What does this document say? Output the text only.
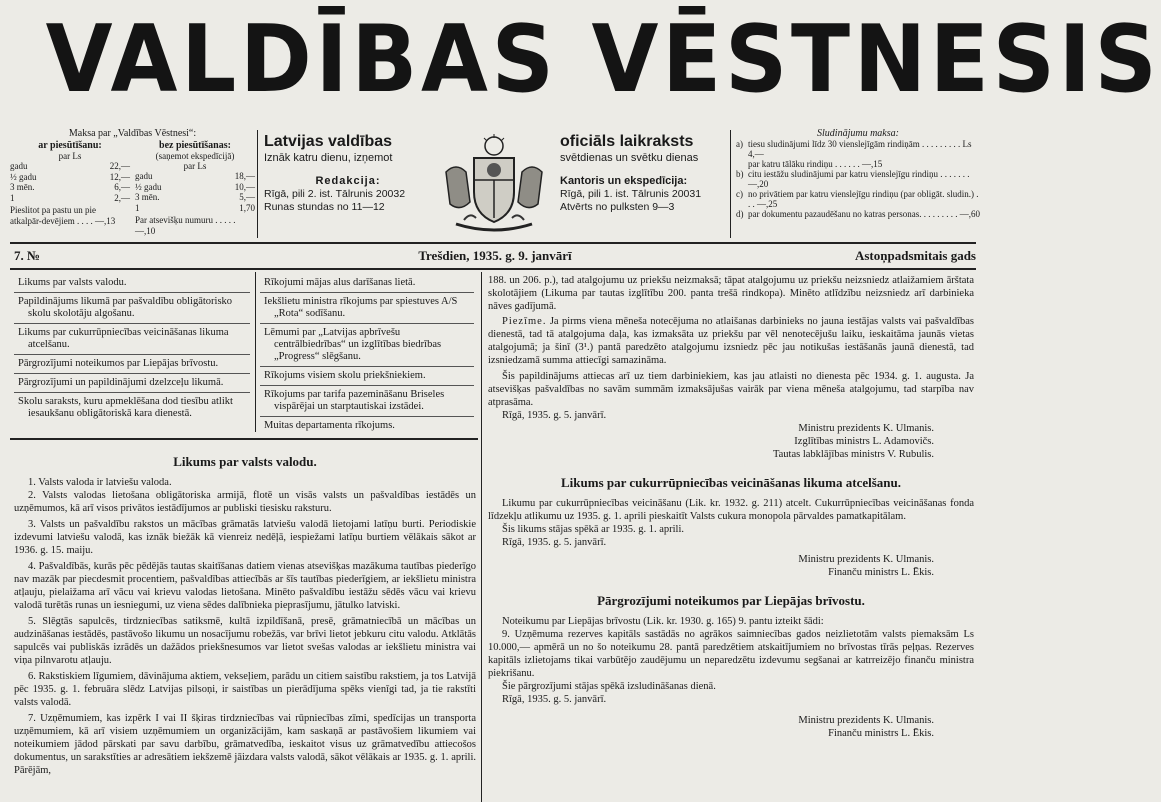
VALDĪBAS VĒSTNESIS
Maksa par „Valdības Vēstnesi“:
ar piesūtīšanu:
par Ls
gadu	22,—
½ gadu	12,—
3 mēn.	6,—
1	2,—
Pieslitot pa pastu un pie atkalpār-devējiem . . . . —,13
bez piesūtīšanas:
(saņemot ekspedīcijā)
par Ls
gadu	18,—
½ gadu	10,—
3 mēn.	5,—
1	1,70
Par atsevišķu numuru . . . . . —,10
Latvijas valdības
Iznāk katru dienu, izņemot
Redakcija:
Rīgā, pili 2. ist. Tālrunis 20032
Runas stundas no 11—12
oficiāls laikraksts
svētdienas un svētku dienas
Kantoris un ekspedīcija:
Rīgā, pili 1. ist. Tālrunis 20031
Atvērts no pulksten 9—3
Sludinājumu maksa:
a) tiesu sludinājumi līdz 30 vienslejīgām rindiņām . . . . . . . . . Ls 4,—
par katru tālāku rindiņu . . . . . . —,15
b) citu iestāžu sludinājumi par katru vienslejīgu rindiņu . . . . . . . —,20
c) no privātiem par katru vienslejīgu rindiņu (par obligāt. sludin.) . . . —,25
d) par dokumentu pazaudēšanu no katras personas. . . . . . . . . —,60
7. №	Trešdien, 1935. g. 9. janvārī	Astoņpadsmitais gads
Likums par valsts valodu.
Papildinājums likumā par pašvaldību obligātorisko skolu skolotāju algošanu.
Likums par cukurrūpniecības veicināšanas likuma atcelšanu.
Pārgrozījumi noteikumos par Liepājas brīvostu.
Pārgrozījumi un papildinājumi dzelzceļu likumā.
Skolu saraksts, kuru apmeklēšana dod tiesību atlikt iesaukšanu obligātoriskā kara dienestā.
Rīkojumi mājas alus darīšanas lietā.
Iekšlietu ministra rīkojums par spiestuves A/S „Rota“ sodīšanu.
Lēmumi par „Latvijas apbrīvešu centrālbiedrības“ un izglītības biedrības „Progress“ slēgšanu.
Rīkojums visiem skolu priekšniekiem.
Rīkojums par tarifa pazemināšanu Briseles vispārējai un starptautiskai izstādei.
Muitas departamenta rīkojums.
Likums par valsts valodu.

1. Valsts valoda ir latviešu valoda.

2. Valsts valodas lietošana obligātoriska armijā, flotē un visās valsts un pašvaldības iestādēs un uzņēmumos, kā arī visos privātos iestādījumos ar publiski tiesisku raksturu.

3. Valsts un pašvaldību rakstos un mācības grāmatās latviešu valodā lietojami latīņu burti. Periodiskie izdevumi latviešu valodā, kas iznāk biežāk kā vienreiz nedēļā, iespiežami latīņu burtiem vēlākais sākot ar 1936. g. 15. maiju.

4. Pašvaldībās, kurās pēc pēdējās tautas skaitīšanas datiem vienas atsevišķas mazākuma tautības piederīgo nav mazāk par piecdesmit procentiem, pašvaldības attiecībās ar šīs tautības piederīgiem, ar iekšlietu ministra atļauju, pielaižama arī vācu vai krievu valodas lietošana. Minēto pašvaldību iestāžu sēdēs vācu vai krievu valodā turētās runas un iesniegumi, uz viena sēdes dalībnieka pieprasījumu, jātulko latviski.

5. Slēgtās sapulcēs, tirdzniecības satiksmē, kultā izpildīšanā, presē, grāmatniecībā un mācības un audzināšanas iestādēs, pastāvošo likumu un nosacījumu robežās, var brīvi lietot jebkuru citu valodu. Atklātās sapulcēs vai publiskās izrādēs un dažādos priekšnesumos var lietot svešas valodas ar iekšlietu ministra vai viņa pilnvarotu atļauju.

6. Rakstiskiem līgumiem, dāvinājuma aktiem, vekseļiem, parādu un citiem saistību rakstiem, ja tos Latvijā pēc 1935. g. 1. februāra slēdz Latvijas pilsoņi, ir saistības un pierādījuma spēks vienīgi tad, ja tie rakstīti valsts valodā.

7. Uzņēmumiem, kas izpērk I vai II šķiras tirdzniecības vai rūpniecības zīmi, spedīcijas un transporta uzņēmumiem, kā arī visiem uzņēmumiem un organizācijām, kam saskaņā ar pastāvošiem likumiem vai noteikumiem jādod pārskati par savu darbību, grāmatvedība, ieskaitot visus uz grāmatvedību attiecošos dokumentus, un sarakstīties ar adresātiem iekšzemē jāizdara valsts valodā, sākot vēlākais ar 1935. g. 1. aprili. Pārējām,

188. un 206. p.), tad atalgojumu uz priekšu neizmaksā; tāpat atalgojumu uz priekšu neizsniedz atlaižamiem ārštata skolotājiem (Likuma par tautas izglītību 200. panta trešā rindkopa). Minēto atlīdzību neizsniedz arī darbinieka nāves gadījumā.

Piezīme. Ja pirms viena mēneša notecējuma no atlaišanas darbinieks no jauna iestājas valsts vai pašvaldības dienestā, tad tā atalgojuma daļa, kas izmaksāta uz priekšu par vēl nenotecējušu laiku, ieskaitāma jaunās vietas atalgojumā; ja šinī (3¹.) pantā paredzēto atalgojumu izsniedz pēc jau notikušas iestāšanās jaunā dienestā, tad izsniedzamā summa attiecīgi samazināma.

Šis papildinājums attiecas arī uz tiem darbiniekiem, kas jau atlaisti no dienesta pēc 1934. g. 1. augusta. Ja atsevišķas pašvaldības no savām summām izmaksājušas vairāk par viena mēneša atalgojumu, tad starpība nav atprasāma.

Rīgā, 1935. g. 5. janvārī.

Ministru prezidents K. Ulmanis.

Izglītības ministrs L. Adamovičs.

Tautas labklājības ministrs V. Rubulis.

Likums par cukurrūpniecības veicināšanas likuma atcelšanu.

Likumu par cukurrūpniecības veicināšanu (Lik. kr. 1932. g. 211) atcelt. Cukurrūpniecības veicināšanas fonda līdzekļu atlikumu uz 1935. g. 1. aprili pieskaitīt Valsts cukura monopola pārvaldes pamatkapitālam.

Šis likums stājas spēkā ar 1935. g. 1. aprili.

Rīgā, 1935. g. 5. janvārī.

Ministru prezidents K. Ulmanis.

Finanču ministrs L. Ēkis.

Pārgrozījumi noteikumos par Liepājas brīvostu.

Noteikumu par Liepājas brīvostu (Lik. kr. 1930. g. 165) 9. pantu izteikt šādi:

9. Uzņēmuma rezerves kapitāls sastādās no agrākos saimniecības gados neizlietotām valsts piemaksām Ls 10.000,— apmērā un no šo noteikumu 28. pantā paredzētiem atskaitījumiem no brīvostas tīrās peļņas. Rezerves kapitāls izlietojams tikai varbūtējo zaudējumu un neparedzētu izdevumu segšanai ar katrreizējo finanču ministra piekrišanu.

Šie pārgrozījumi stājas spēkā izsludināšanas dienā.

Rīgā, 1935. g. 5. janvārī.

Ministru prezidents K. Ulmanis.

Finanču ministrs L. Ēkis.
